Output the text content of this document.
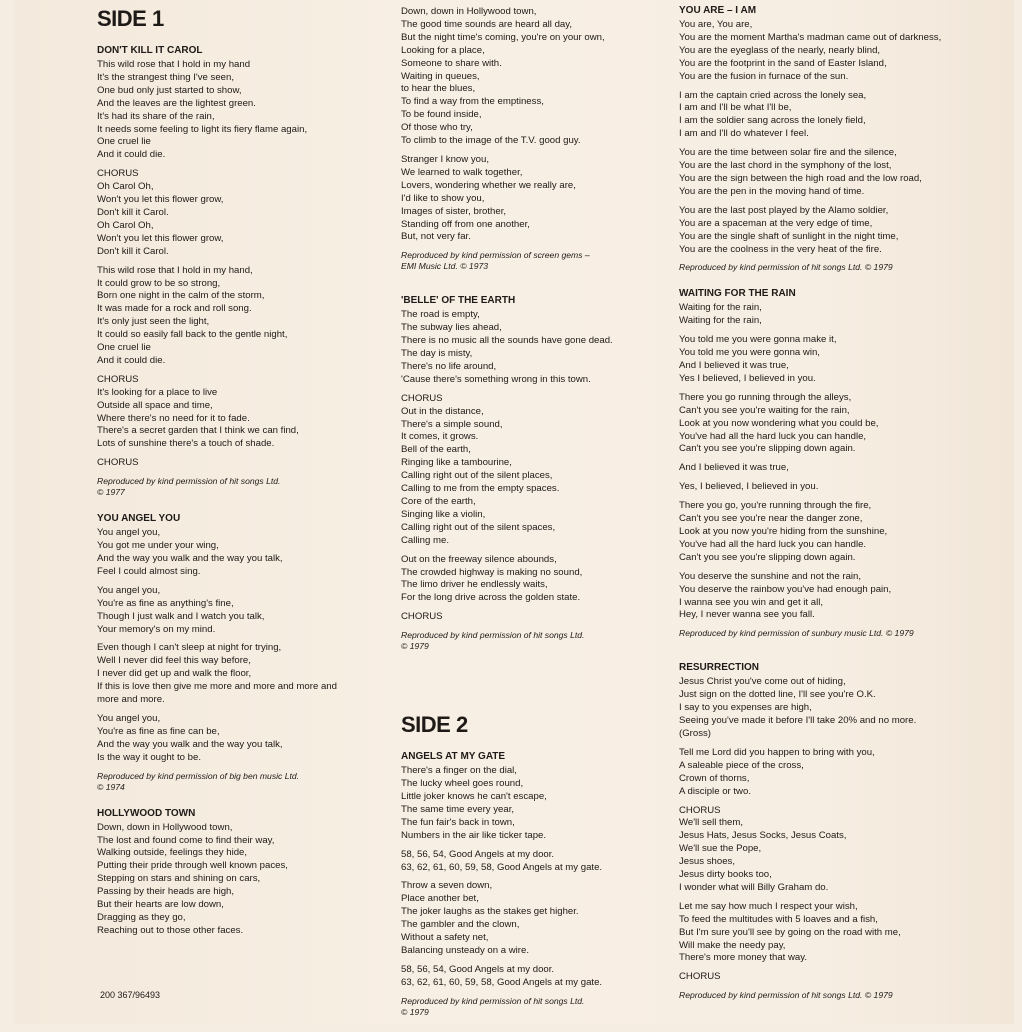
SIDE 1
DON'T KILL IT CAROL
This wild rose that I hold in my hand
It's the strangest thing I've seen,
One bud only just started to show,
And the leaves are the lightest green.
It's had its share of the rain,
It needs some feeling to light its fiery flame again,
One cruel lie
And it could die.
CHORUS
Oh Carol Oh,
Won't you let this flower grow,
Don't kill it Carol.
Oh Carol Oh,
Won't you let this flower grow,
Don't kill it Carol.
This wild rose that I hold in my hand,
It could grow to be so strong,
Born one night in the calm of the storm,
It was made for a rock and roll song.
It's only just seen the light,
It could so easily fall back to the gentle night,
One cruel lie
And it could die.
CHORUS
It's looking for a place to live
Outside all space and time,
Where there's no need for it to fade.
There's a secret garden that I think we can find,
Lots of sunshine there's a touch of shade.
CHORUS
Reproduced by kind permission of hit songs Ltd.
© 1977
YOU ANGEL YOU
You angel you,
You got me under your wing,
And the way you walk and the way you talk,
Feel I could almost sing.
You angel you,
You're as fine as anything's fine,
Though I just walk and I watch you talk,
Your memory's on my mind.
Even though I can't sleep at night for trying,
Well I never did feel this way before,
I never did get up and walk the floor,
If this is love then give me more and more and more and
more and more.
You angel you,
You're as fine as fine can be,
And the way you walk and the way you talk,
Is the way it ought to be.
Reproduced by kind permission of big ben music Ltd.
© 1974
HOLLYWOOD TOWN
Down, down in Hollywood town,
The lost and found come to find their way,
Walking outside, feelings they hide,
Putting their pride through well known paces,
Stepping on stars and shining on cars,
Passing by their heads are high,
But their hearts are low down,
Dragging as they go,
Reaching out to those other faces.
Down, down in Hollywood town,
The good time sounds are heard all day,
But the night time's coming, you're on your own,
Looking for a place,
Someone to share with.
Waiting in queues,
to hear the blues,
To find a way from the emptiness,
To be found inside,
Of those who try,
To climb to the image of the T.V. good guy.
Stranger I know you,
We learned to walk together,
Lovers, wondering whether we really are,
I'd like to show you,
Images of sister, brother,
Standing off from one another,
But, not very far.
Reproduced by kind permission of screen gems –
EMI Music Ltd. © 1973
'BELLE' OF THE EARTH
The road is empty,
The subway lies ahead,
There is no music all the sounds have gone dead.
The day is misty,
There's no life around,
'Cause there's something wrong in this town.
CHORUS
Out in the distance,
There's a simple sound,
It comes, it grows.
Bell of the earth,
Ringing like a tambourine,
Calling right out of the silent places,
Calling to me from the empty spaces.
Core of the earth,
Singing like a violin,
Calling right out of the silent spaces,
Calling me.
Out on the freeway silence abounds,
The crowded highway is making no sound,
The limo driver he endlessly waits,
For the long drive across the golden state.
CHORUS
Reproduced by kind permission of hit songs Ltd.
© 1979
SIDE 2
ANGELS AT MY GATE
There's a finger on the dial,
The lucky wheel goes round,
Little joker knows he can't escape,
The same time every year,
The fun fair's back in town,
Numbers in the air like ticker tape.
58, 56, 54, Good Angels at my door.
63, 62, 61, 60, 59, 58, Good Angels at my gate.
Throw a seven down,
Place another bet,
The joker laughs as the stakes get higher.
The gambler and the clown,
Without a safety net,
Balancing unsteady on a wire.
58, 56, 54, Good Angels at my door.
63, 62, 61, 60, 59, 58, Good Angels at my gate.
Reproduced by kind permission of hit songs Ltd.
© 1979
YOU ARE – I AM
You are, You are,
You are the moment Martha's madman came out of darkness,
You are the eyeglass of the nearly, nearly blind,
You are the footprint in the sand of Easter Island,
You are the fusion in furnace of the sun.
I am the captain cried across the lonely sea,
I am and I'll be what I'll be,
I am the soldier sang across the lonely field,
I am and I'll do whatever I feel.
You are the time between solar fire and the silence,
You are the last chord in the symphony of the lost,
You are the sign between the high road and the low road,
You are the pen in the moving hand of time.
You are the last post played by the Alamo soldier,
You are a spaceman at the very edge of time,
You are the single shaft of sunlight in the night time,
You are the coolness in the very heat of the fire.
Reproduced by kind permission of hit songs Ltd. © 1979
WAITING FOR THE RAIN
Waiting for the rain,
Waiting for the rain,
You told me you were gonna make it,
You told me you were gonna win,
And I believed it was true,
Yes I believed, I believed in you.
There you go running through the alleys,
Can't you see you're waiting for the rain,
Look at you now wondering what you could be,
You've had all the hard luck you can handle,
Can't you see you're slipping down again.
And I believed it was true,
Yes, I believed, I believed in you.
There you go, you're running through the fire,
Can't you see you're near the danger zone,
Look at you now you're hiding from the sunshine,
You've had all the hard luck you can handle.
Can't you see you're slipping down again.
You deserve the sunshine and not the rain,
You deserve the rainbow you've had enough pain,
I wanna see you win and get it all,
Hey, I never wanna see you fall.
Reproduced by kind permission of sunbury music Ltd. © 1979
RESURRECTION
Jesus Christ you've come out of hiding,
Just sign on the dotted line, I'll see you're O.K.
I say to you expenses are high,
Seeing you've made it before I'll take 20% and no more.
(Gross)
Tell me Lord did you happen to bring with you,
A saleable piece of the cross,
Crown of thorns,
A disciple or two.
CHORUS
We'll sell them,
Jesus Hats, Jesus Socks, Jesus Coats,
We'll sue the Pope,
Jesus shoes,
Jesus dirty books too,
I wonder what will Billy Graham do.
Let me say how much I respect your wish,
To feed the multitudes with 5 loaves and a fish,
But I'm sure you'll see by going on the road with me,
Will make the needy pay,
There's more money that way.
CHORUS
Reproduced by kind permission of hit songs Ltd. © 1979
200 367/96493
